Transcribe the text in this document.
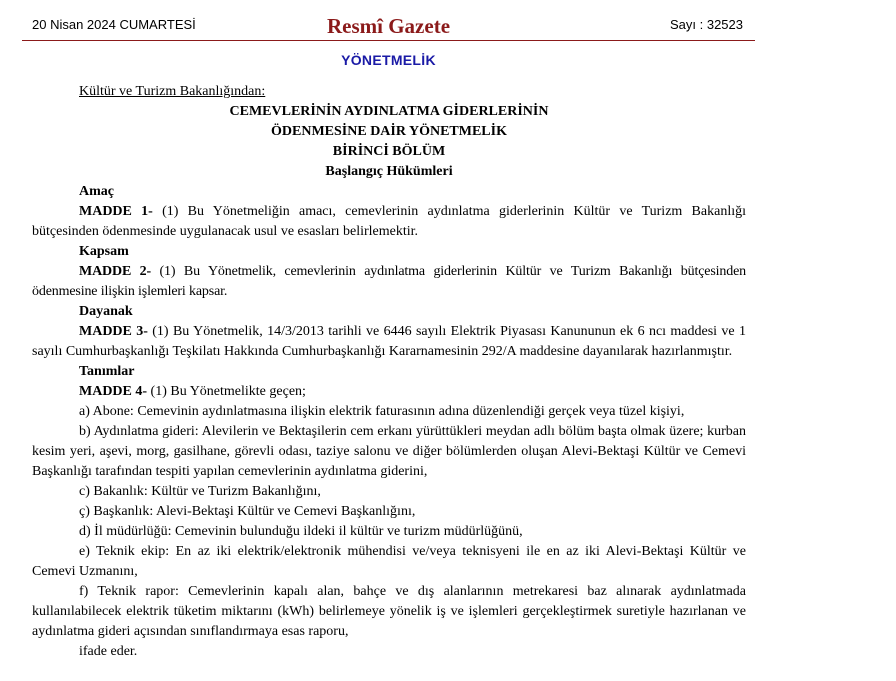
20 Nisan 2024 CUMARTESİ	Resmî Gazete	Sayı : 32523
YÖNETMELİK

Kültür ve Turizm Bakanlığından:

CEMEVLERİNİN AYDINLATMA GİDERLERİNİN

ÖDENMESİNE DAİR YÖNETMELİK

BİRİNCİ BÖLÜM

Başlangıç Hükümleri

Amaç

MADDE 1- (1) Bu Yönetmeliğin amacı, cemevlerinin aydınlatma giderlerinin Kültür ve Turizm Bakanlığı bütçesinden ödenmesinde uygulanacak usul ve esasları belirlemektir.

Kapsam

MADDE 2- (1) Bu Yönetmelik, cemevlerinin aydınlatma giderlerinin Kültür ve Turizm Bakanlığı bütçesinden ödenmesine ilişkin işlemleri kapsar.

Dayanak

MADDE 3- (1) Bu Yönetmelik, 14/3/2013 tarihli ve 6446 sayılı Elektrik Piyasası Kanununun ek 6 ncı maddesi ve 1 sayılı Cumhurbaşkanlığı Teşkilatı Hakkında Cumhurbaşkanlığı Kararnamesinin 292/A maddesine dayanılarak hazırlanmıştır.

Tanımlar

MADDE 4- (1) Bu Yönetmelikte geçen;

a) Abone: Cemevinin aydınlatmasına ilişkin elektrik faturasının adına düzenlendiği gerçek veya tüzel kişiyi,

b) Aydınlatma gideri: Alevilerin ve Bektaşilerin cem erkanı yürüttükleri meydan adlı bölüm başta olmak üzere; kurban kesim yeri, aşevi, morg, gasilhane, görevli odası, taziye salonu ve diğer bölümlerden oluşan Alevi-Bektaşi Kültür ve Cemevi Başkanlığı tarafından tespiti yapılan cemevlerinin aydınlatma giderini,

c) Bakanlık: Kültür ve Turizm Bakanlığını,

ç) Başkanlık: Alevi-Bektaşi Kültür ve Cemevi Başkanlığını,

d) İl müdürlüğü: Cemevinin bulunduğu ildeki il kültür ve turizm müdürlüğünü,

e) Teknik ekip: En az iki elektrik/elektronik mühendisi ve/veya teknisyeni ile en az iki Alevi-Bektaşi Kültür ve Cemevi Uzmanını,

f) Teknik rapor: Cemevlerinin kapalı alan, bahçe ve dış alanlarının metrekaresi baz alınarak aydınlatmada kullanılabilecek elektrik tüketim miktarını (kWh) belirlemeye yönelik iş ve işlemleri gerçekleştirmek suretiyle hazırlanan ve aydınlatma gideri açısından sınıflandırmaya esas raporu,

ifade eder.
